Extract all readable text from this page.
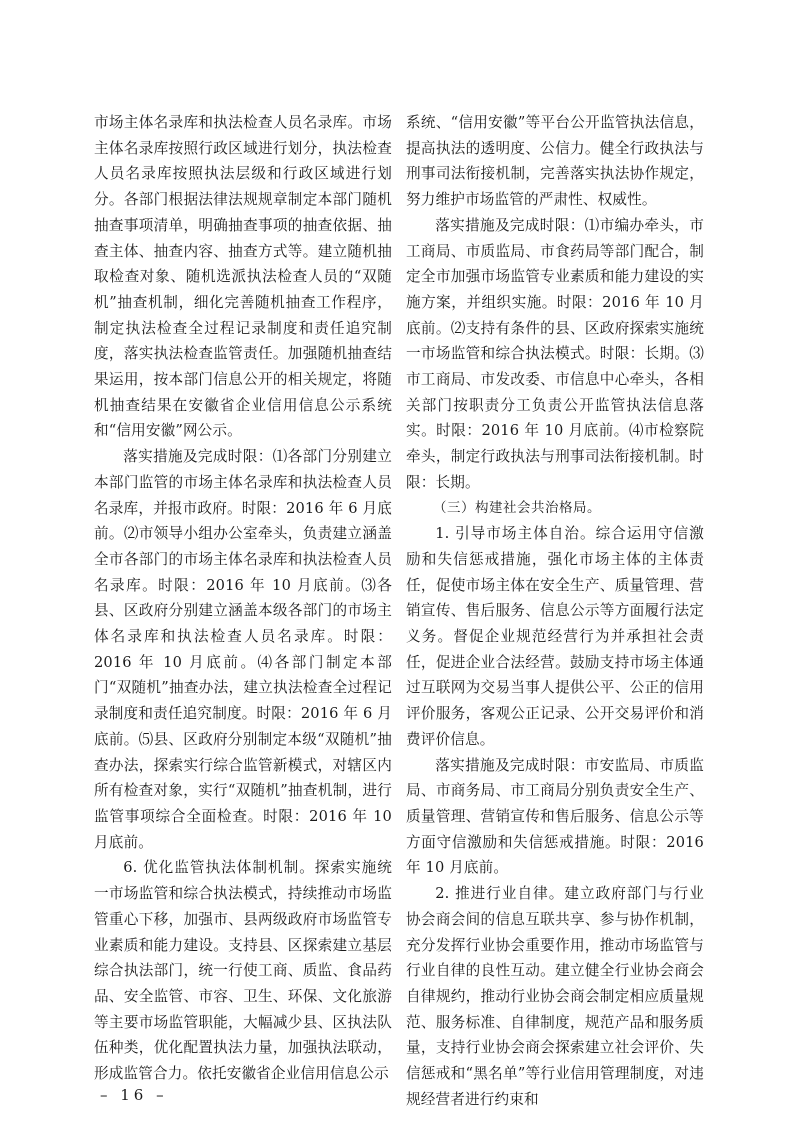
市场主体名录库和执法检查人员名录库。市场主体名录库按照行政区域进行划分，执法检查人员名录库按照执法层级和行政区域进行划分。各部门根据法律法规规章制定本部门随机抽查事项清单，明确抽查事项的抽查依据、抽查主体、抽查内容、抽查方式等。建立随机抽取检查对象、随机选派执法检查人员的“双随机”抽查机制，细化完善随机抽查工作程序，制定执法检查全过程记录制度和责任追究制度，落实执法检查监管责任。加强随机抽查结果运用，按本部门信息公开的相关规定，将随机抽查结果在安徽省企业信用信息公示系统和“信用安徽”网公示。

落实措施及完成时限：⑴各部门分别建立本部门监管的市场主体名录库和执法检查人员名录库，并报市政府。时限：2016 年 6 月底前。⑵市领导小组办公室牵头，负责建立涵盖全市各部门的市场主体名录库和执法检查人员名录库。时限：2016 年 10 月底前。⑶各县、区政府分别建立涵盖本级各部门的市场主体名录库和执法检查人员名录库。时限：2016 年 10 月底前。⑷各部门制定本部门“双随机”抽查办法，建立执法检查全过程记录制度和责任追究制度。时限：2016 年 6 月底前。⑸县、区政府分别制定本级“双随机”抽查办法，探索实行综合监管新模式，对辖区内所有检查对象，实行“双随机”抽查机制，进行监管事项综合全面检查。时限：2016 年 10 月底前。

6. 优化监管执法体制机制。探索实施统一市场监管和综合执法模式，持续推动市场监管重心下移，加强市、县两级政府市场监管专业素质和能力建设。支持县、区探索建立基层综合执法部门，统一行使工商、质监、食品药品、安全监管、市容、卫生、环保、文化旅游等主要市场监管职能，大幅减少县、区执法队伍种类，优化配置执法力量，加强执法联动，形成监管合力。依托安徽省企业信用信息公示

系统、“信用安徽”等平台公开监管执法信息，提高执法的透明度、公信力。健全行政执法与刑事司法衔接机制，完善落实执法协作规定，努力维护市场监管的严肃性、权威性。

落实措施及完成时限：⑴市编办牵头，市工商局、市质监局、市食药局等部门配合，制定全市加强市场监管专业素质和能力建设的实施方案，并组织实施。时限：2016 年 10 月底前。⑵支持有条件的县、区政府探索实施统一市场监管和综合执法模式。时限：长期。⑶市工商局、市发改委、市信息中心牵头，各相关部门按职责分工负责公开监管执法信息落实。时限：2016 年 10 月底前。⑷市检察院牵头，制定行政执法与刑事司法衔接机制。时限：长期。

（三）构建社会共治格局。

1. 引导市场主体自治。综合运用守信激励和失信惩戒措施，强化市场主体的主体责任，促使市场主体在安全生产、质量管理、营销宣传、售后服务、信息公示等方面履行法定义务。督促企业规范经营行为并承担社会责任，促进企业合法经营。鼓励支持市场主体通过互联网为交易当事人提供公平、公正的信用评价服务，客观公正记录、公开交易评价和消费评价信息。

落实措施及完成时限：市安监局、市质监局、市商务局、市工商局分别负责安全生产、质量管理、营销宣传和售后服务、信息公示等方面守信激励和失信惩戒措施。时限：2016 年 10 月底前。

2. 推进行业自律。建立政府部门与行业协会商会间的信息互联共享、参与协作机制，充分发挥行业协会重要作用，推动市场监管与行业自律的良性互动。建立健全行业协会商会自律规约，推动行业协会商会制定相应质量规范、服务标准、自律制度，规范产品和服务质量，支持行业协会商会探索建立社会评价、失信惩戒和“黑名单”等行业信用管理制度，对违规经营者进行约束和

– 16 –
